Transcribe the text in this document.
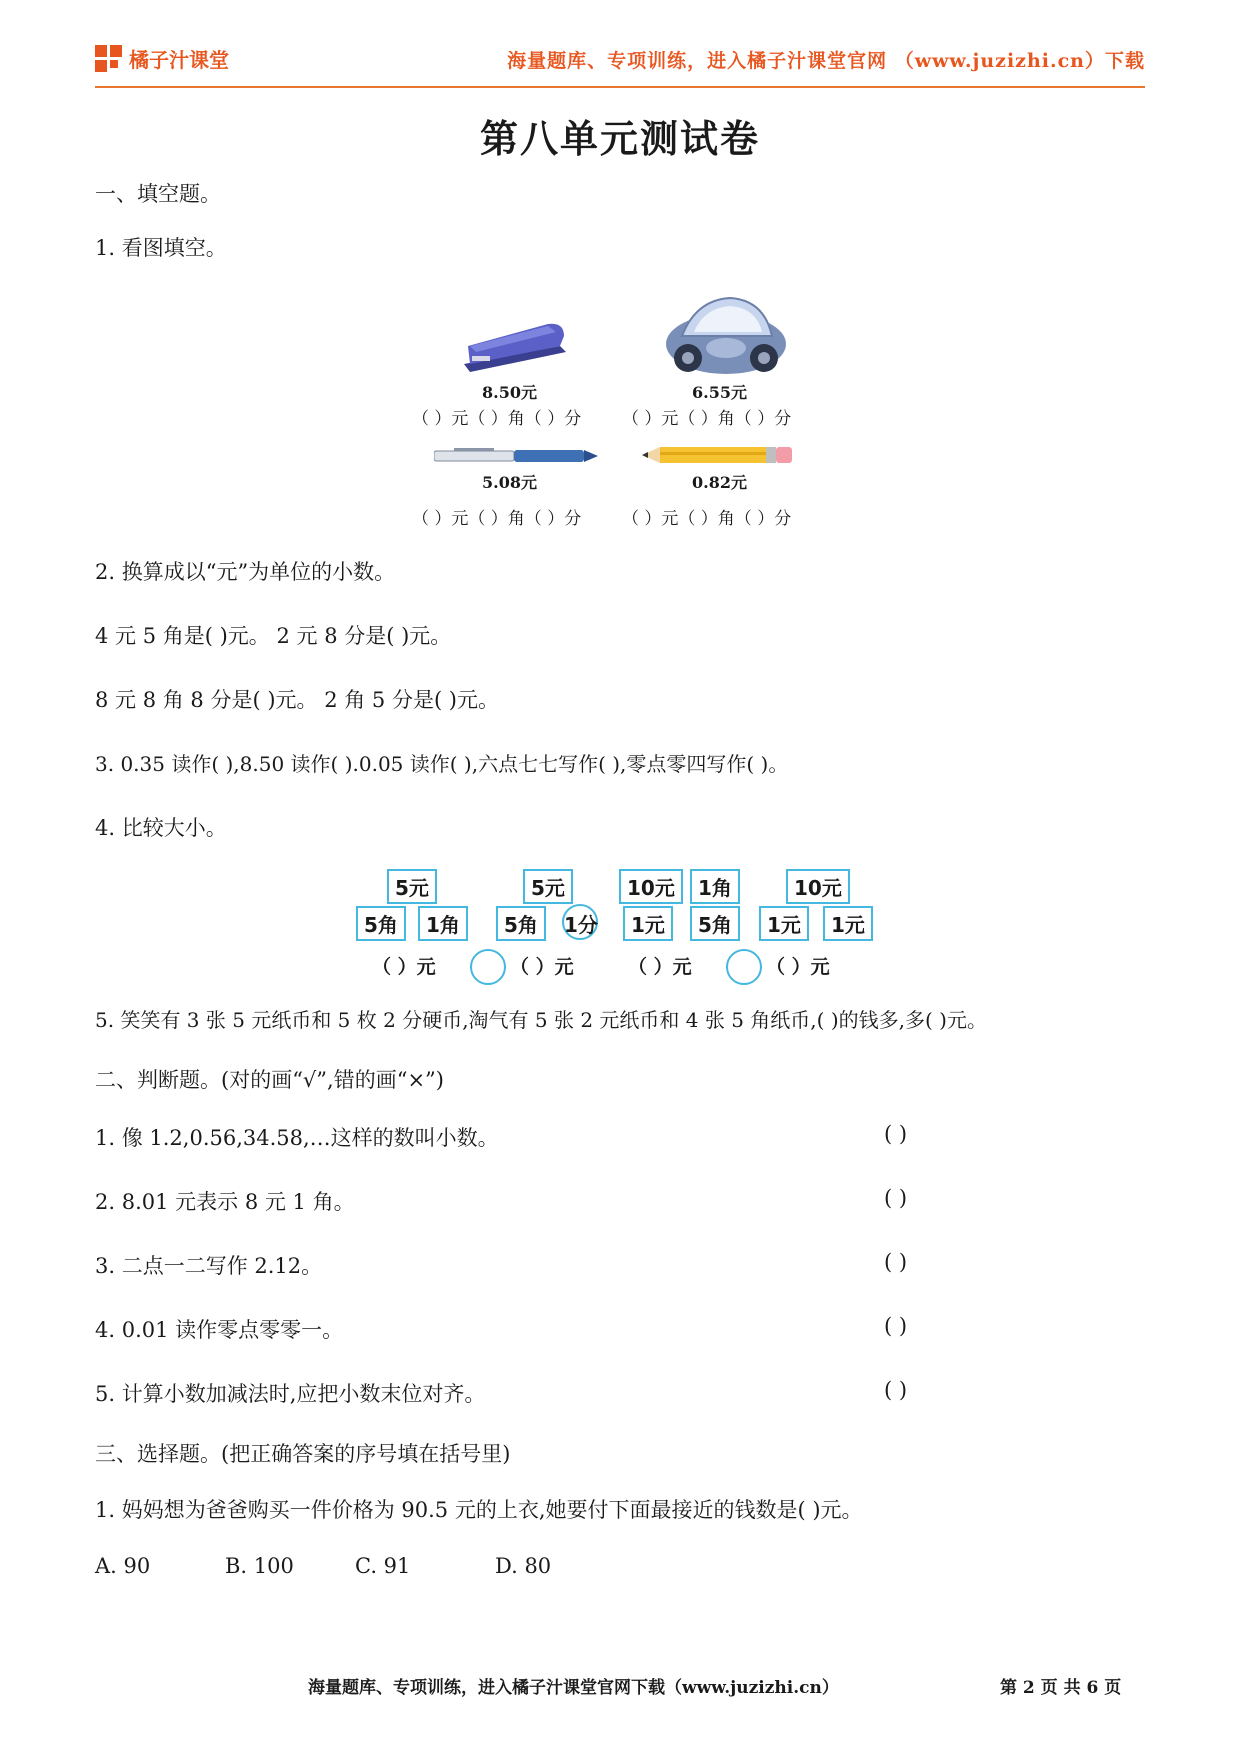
橘子汁课堂	海量题库、专项训练，进入橘子汁课堂官网 （www.juzizhi.cn）下载
第八单元测试卷
一、填空题。
1. 看图填空。
8.50元	6.55元
（ ）元（ ）角（ ）分 （ ）元（ ）角（ ）分
5.08元	0.82元
（ ）元（ ）角（ ）分 （ ）元（ ）角（ ）分
2. 换算成以“元”为单位的小数。
4 元 5 角是( )元。 2 元 8 分是( )元。
8 元 8 角 8 分是( )元。 2 角 5 分是( )元。
3. 0.35 读作( ),8.50 读作( ).0.05 读作( ),六点七七写作( ),零点零四写作( )。
4. 比较大小。
5元	5元	10元	1角	10元
5角	1角	5角	1分	1元	5角	1元	1元
（ ）元	（ ）元	（ ）元	（ ）元
5. 笑笑有 3 张 5 元纸币和 5 枚 2 分硬币,淘气有 5 张 2 元纸币和 4 张 5 角纸币,( )的钱多,多( )元。
二、判断题。(对的画“√”,错的画“×”)
1. 像 1.2,0.56,34.58,…这样的数叫小数。	( )
2. 8.01 元表示 8 元 1 角。	( )
3. 二点一二写作 2.12。	( )
4. 0.01 读作零点零零一。	( )
5. 计算小数加减法时,应把小数末位对齐。	( )
三、选择题。(把正确答案的序号填在括号里)
1. 妈妈想为爸爸购买一件价格为 90.5 元的上衣,她要付下面最接近的钱数是( )元。
A. 90	B. 100	C. 91	D. 80
海量题库、专项训练，进入橘子汁课堂官网下载（www.juzizhi.cn）	第 2 页 共 6 页
